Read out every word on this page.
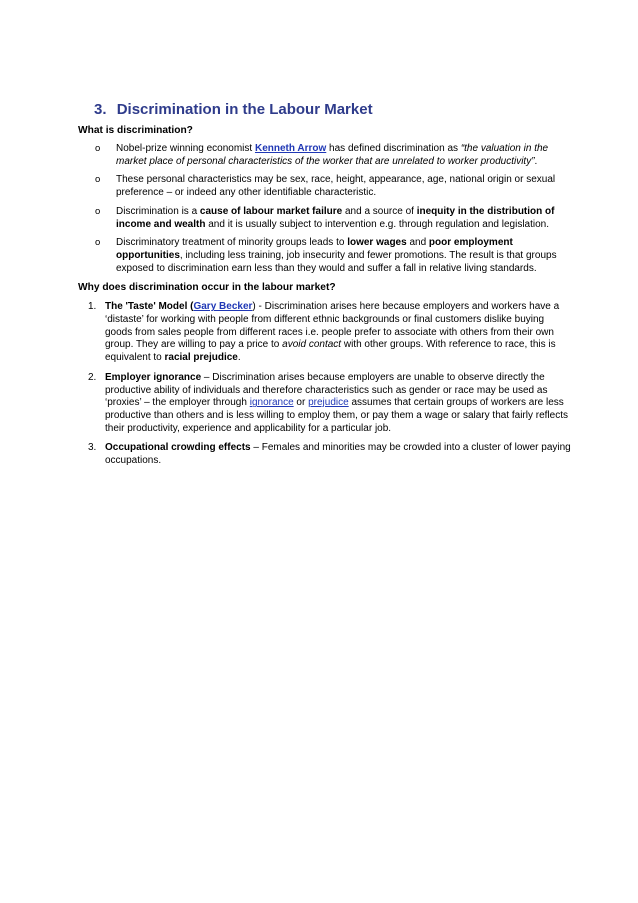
3. Discrimination in the Labour Market

What is discrimination?

o Nobel-prize winning economist Kenneth Arrow has defined discrimination as “the valuation in the market place of personal characteristics of the worker that are unrelated to worker productivity”.
o These personal characteristics may be sex, race, height, appearance, age, national origin or sexual preference – or indeed any other identifiable characteristic.
o Discrimination is a cause of labour market failure and a source of inequity in the distribution of income and wealth and it is usually subject to intervention e.g. through regulation and legislation.
o Discriminatory treatment of minority groups leads to lower wages and poor employment opportunities, including less training, job insecurity and fewer promotions. The result is that groups exposed to discrimination earn less than they would and suffer a fall in relative living standards.

Why does discrimination occur in the labour market?

1. The 'Taste' Model (Gary Becker) - Discrimination arises here because employers and workers have a ‘distaste’ for working with people from different ethnic backgrounds or final customers dislike buying goods from sales people from different races i.e. people prefer to associate with others from their own group. They are willing to pay a price to avoid contact with other groups. With reference to race, this is equivalent to racial prejudice.
2. Employer ignorance – Discrimination arises because employers are unable to observe directly the productive ability of individuals and therefore characteristics such as gender or race may be used as ‘proxies’ – the employer through ignorance or prejudice assumes that certain groups of workers are less productive than others and is less willing to employ them, or pay them a wage or salary that fairly reflects their productivity, experience and applicability for a particular job.
3. Occupational crowding effects – Females and minorities may be crowded into a cluster of lower paying occupations.
